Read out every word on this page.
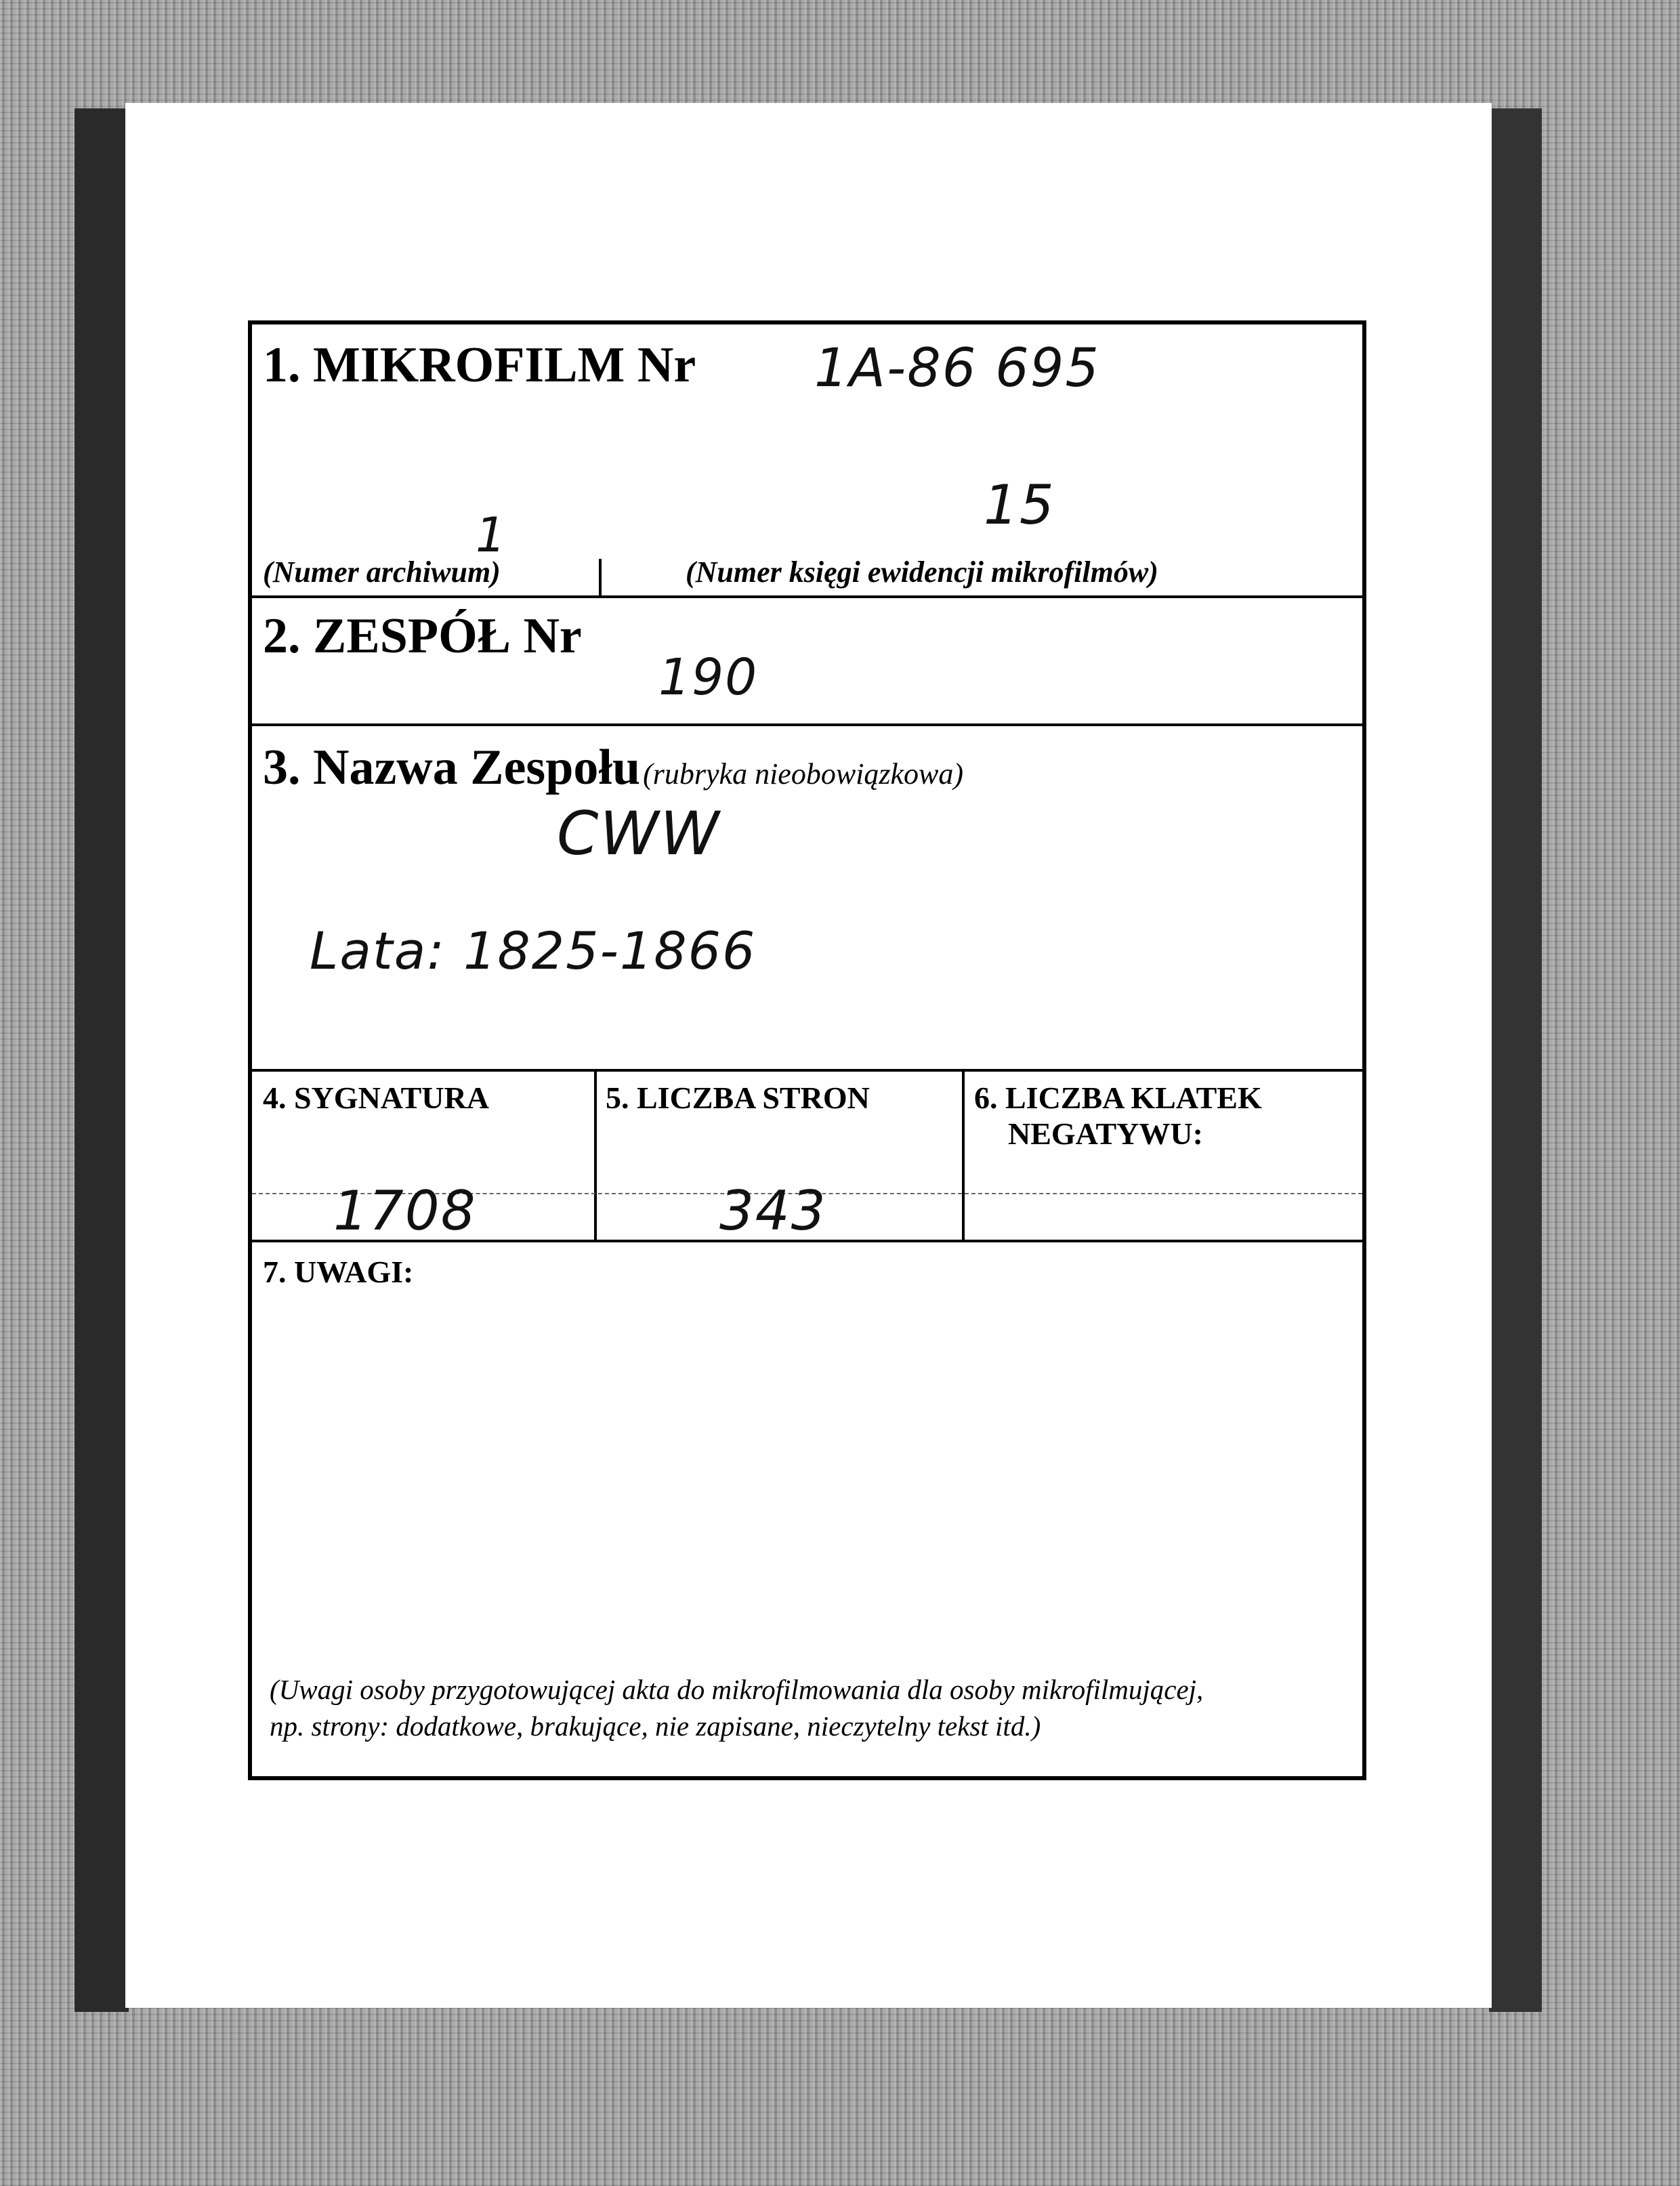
1. MIKROFILM Nr 1A-86 695
1	15
(Numer archiwum)	(Numer księgi ewidencji mikrofilmów)
2. ZESPÓŁ Nr
190
3. Nazwa Zespołu (rubryka nieobowiązkowa)
CWW
Lata: 1825-1866
4. SYGNATURA	5. LICZBA STRON	6. LICZBA KLATEK
NEGATYWU:
1708	343
7. UWAGI:
(Uwagi osoby przygotowującej akta do mikrofilmowania dla osoby mikrofilmującej,
np. strony: dodatkowe, brakujące, nie zapisane, nieczytelny tekst itd.)
